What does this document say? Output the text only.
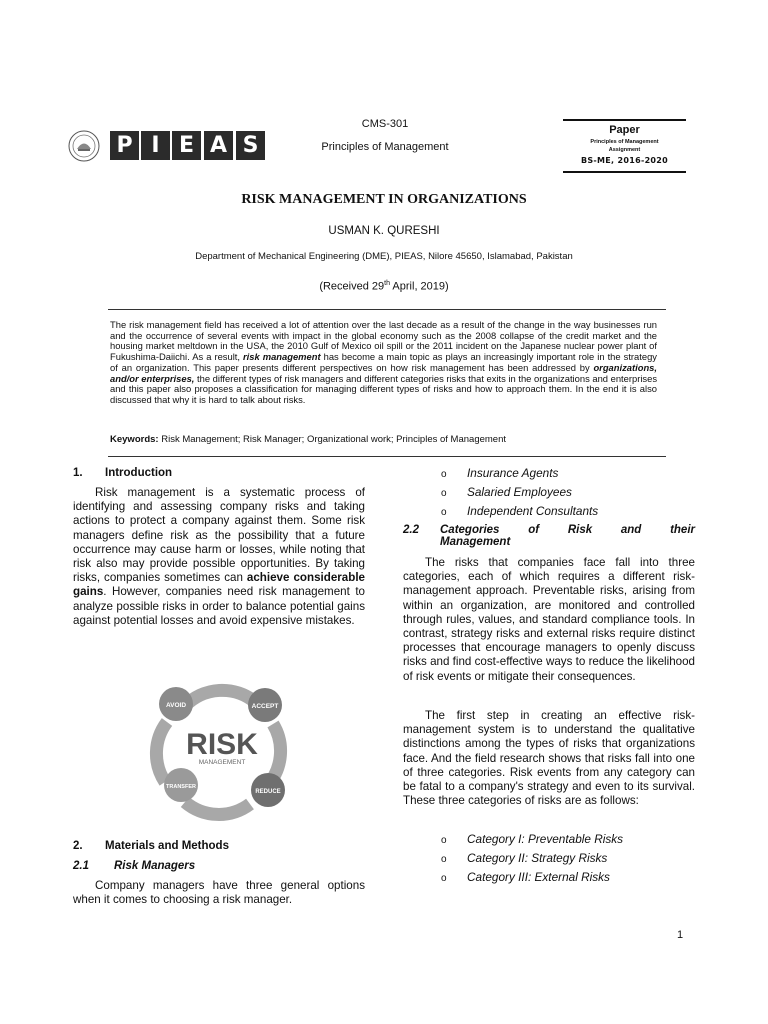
P I E A S
CMS-301
Principles of Management
Paper
Principles of Management
Assignment
BS-ME, 2016-2020
RISK MANAGEMENT IN ORGANIZATIONS
USMAN K. QURESHI
Department of Mechanical Engineering (DME), PIEAS, Nilore 45650, Islamabad, Pakistan
(Received 29th April, 2019)
The risk management field has received a lot of attention over the last decade as a result of the change in the way businesses run and the occurrence of several events with impact in the global economy such as the 2008 collapse of the credit market and the housing market meltdown in the USA, the 2010 Gulf of Mexico oil spill or the 2011 incident on the Japanese nuclear power plant of Fukushima-Daiichi. As a result, risk management has become a main topic as plays an increasingly important role in the strategy of an organization. This paper presents different perspectives on how risk management has been addressed by organizations, and/or enterprises, the different types of risk managers and different categories risks that exits in the organizations and enterprises and this paper also proposes a classification for managing different types of risks and how to approach them. In the end it is also discussed that why it is hard to talk about risks.
Keywords: Risk Management; Risk Manager; Organizational work; Principles of Management
1. Introduction
Risk management is a systematic process of identifying and assessing company risks and taking actions to protect a company against them. Some risk managers define risk as the possibility that a future occurrence may cause harm or losses, while noting that risk also may provide possible opportunities. By taking risks, companies sometimes can achieve considerable gains. However, companies need risk management to analyze possible risks in order to balance potential gains against potential losses and avoid expensive mistakes.
AVOID	ACCEPT
REDUCE
TRANSFER
RISK
MANAGEMENT
2. Materials and Methods
2.1 Risk Managers
Company managers have three general options when it comes to choosing a risk manager.
o Insurance Agents
o Salaried Employees
o Independent Consultants
2.2	Categories of Risk and their
Management
The risks that companies face fall into three categories, each of which requires a different risk-management approach. Preventable risks, arising from within an organization, are monitored and controlled through rules, values, and standard compliance tools. In contrast, strategy risks and external risks require distinct processes that encourage managers to openly discuss risks and find cost-effective ways to reduce the likelihood of risk events or mitigate their consequences.
The first step in creating an effective risk-management system is to understand the qualitative distinctions among the types of risks that organizations face. And the field research shows that risks fall into one of three categories. Risk events from any category can be fatal to a company's strategy and even to its survival. These three categories of risks are as follows:
o Category I: Preventable Risks
o Category II: Strategy Risks
o Category III: External Risks
1
